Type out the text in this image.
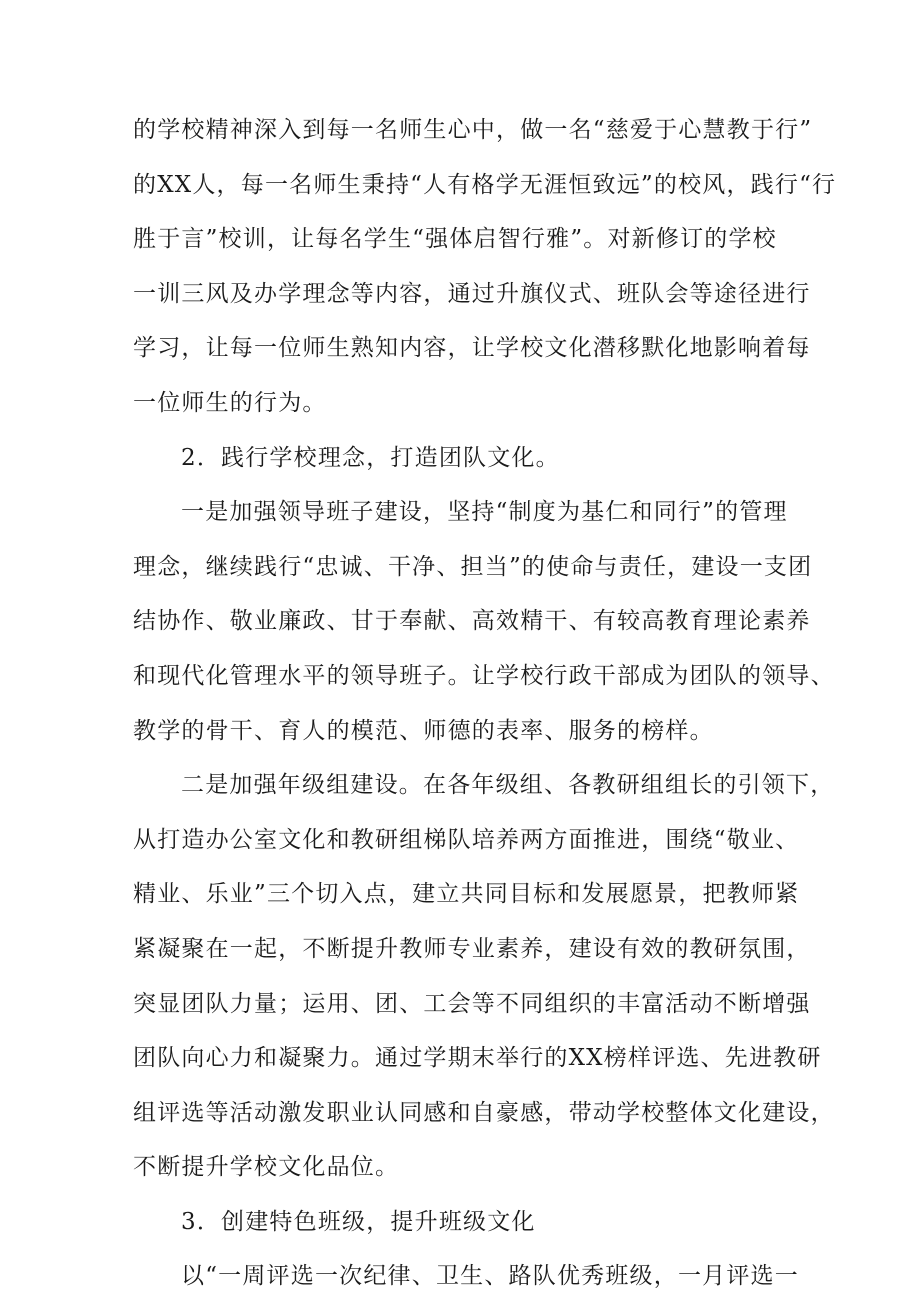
的学校精神深入到每一名师生心中，做一名“慈爱于心慧教于行”
的XX人，每一名师生秉持“人有格学无涯恒致远”的校风，践行“行
胜于言”校训，让每名学生“强体启智行雅”。对新修订的学校
一训三风及办学理念等内容，通过升旗仪式、班队会等途径进行
学习，让每一位师生熟知内容，让学校文化潜移默化地影响着每
一位师生的行为。
2．践行学校理念，打造团队文化。
一是加强领导班子建设，坚持“制度为基仁和同行”的管理
理念，继续践行“忠诚、干净、担当”的使命与责任，建设一支团
结协作、敬业廉政、甘于奉献、高效精干、有较高教育理论素养
和现代化管理水平的领导班子。让学校行政干部成为团队的领导、
教学的骨干、育人的模范、师德的表率、服务的榜样。
二是加强年级组建设。在各年级组、各教研组组长的引领下，
从打造办公室文化和教研组梯队培养两方面推进，围绕“敬业、
精业、乐业”三个切入点，建立共同目标和发展愿景，把教师紧
紧凝聚在一起，不断提升教师专业素养，建设有效的教研氛围，
突显团队力量；运用、团、工会等不同组织的丰富活动不断增强
团队向心力和凝聚力。通过学期末举行的XX榜样评选、先进教研
组评选等活动激发职业认同感和自豪感，带动学校整体文化建设，
不断提升学校文化品位。
3．创建特色班级，提升班级文化
以“一周评选一次纪律、卫生、路队优秀班级，一月评选一
